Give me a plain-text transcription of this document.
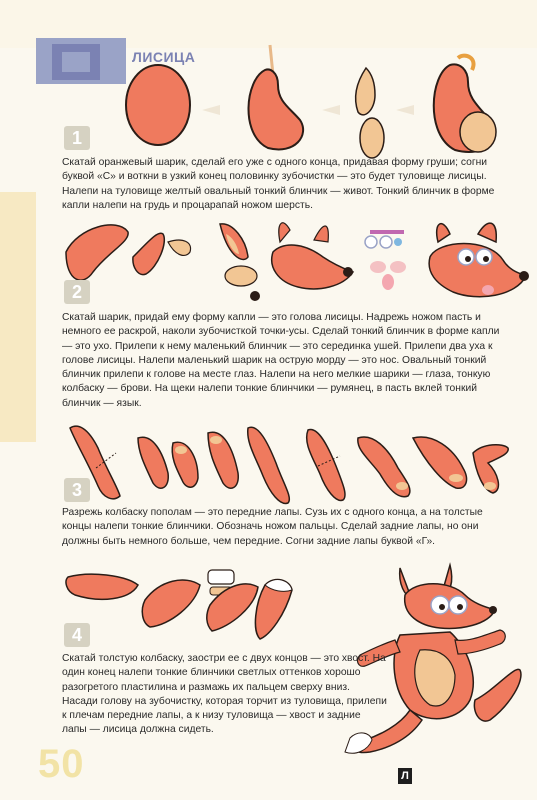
ЛИСИЦА
1
Скатай оранжевый шарик, сделай его уже с одного конца, придавая форму груши; согни буквой «С» и воткни в узкий конец половинку зубочистки — это будет туловище лисицы. Налепи на туловище желтый овальный тонкий блинчик — живот. Тонкий блинчик в форме капли налепи на грудь и процарапай ножом шерсть.
2
Скатай шарик, придай ему форму капли — это голова лисицы. Надрежь ножом пасть и немного ее раскрой, наколи зубочисткой точки-усы. Сделай тонкий блинчик в форме капли — это ухо. Прилепи к нему маленький блинчик — это серединка ушей. Прилепи два уха к голове лисицы. Налепи маленький шарик на острую морду — это нос. Овальный тонкий блинчик прилепи к голове на месте глаз. Налепи на него мелкие шарики — глаза, тонкую колбаску — брови. На щеки налепи тонкие блинчики — румянец, в пасть вклей тонкий блинчик — язык.
3
Разрежь колбаску пополам — это передние лапы. Сузь их с одного конца, а на толстые концы налепи тонкие блинчики. Обозначь ножом пальцы. Сделай задние лапы, но они должны быть немного больше, чем передние. Согни задние лапы буквой «Г».
4
Скатай толстую колбаску, заостри ее с двух концов — это хвост. На один конец налепи тонкие блинчики светлых оттенков хорошо разогретого пластилина и размажь их пальцем сверху вниз. Насади голову на зубочистку, которая торчит из туловища, прилепи к плечам передние лапы, а к низу туловища — хвост и задние лапы — лисица должна сидеть.
50	Л
